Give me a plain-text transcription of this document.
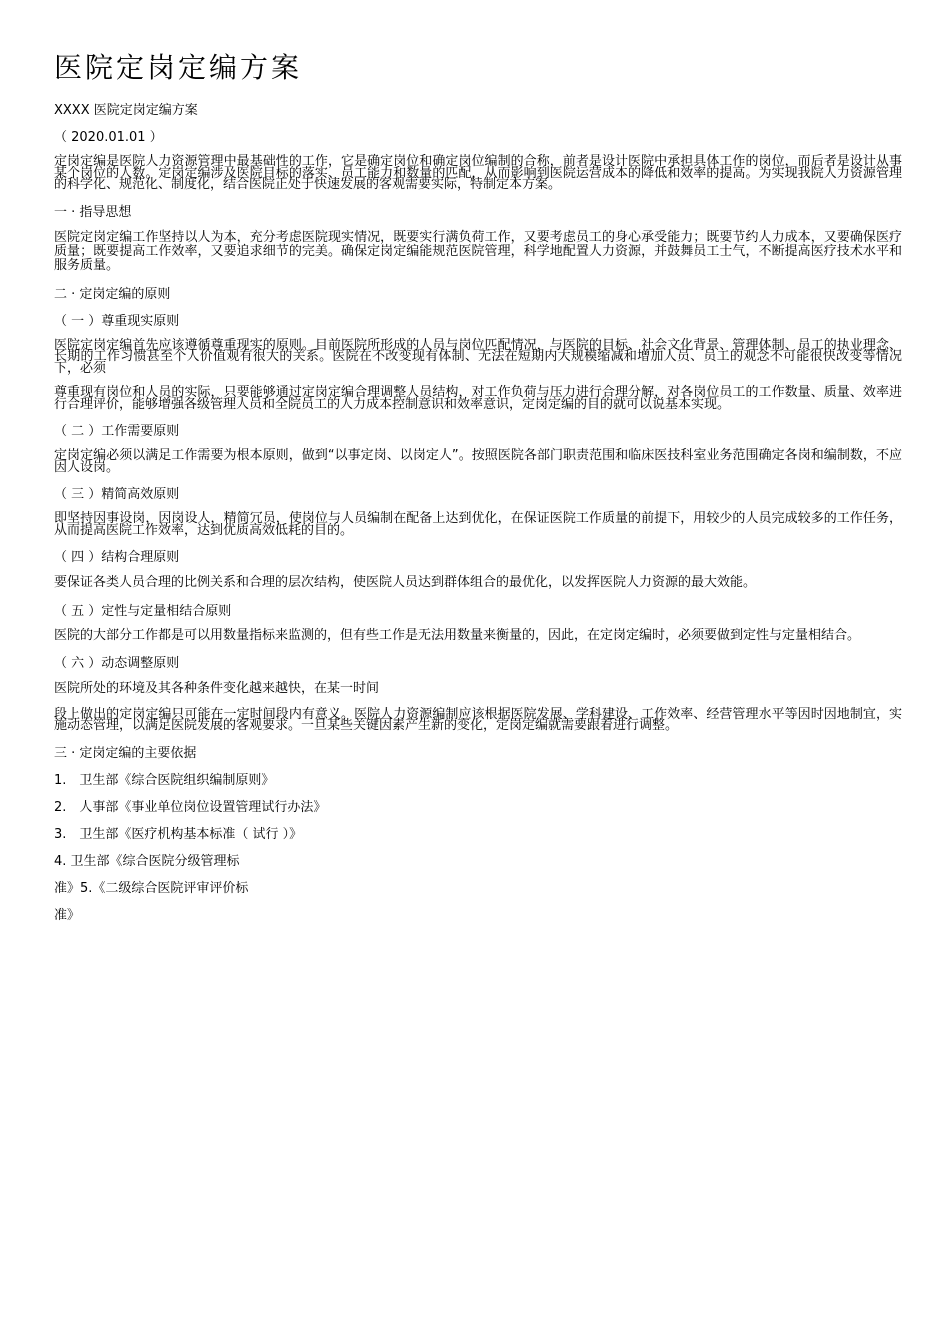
医院定岗定编方案
XXXX 医院定岗定编方案
（ 2020.01.01 ）
定岗定编是医院人力资源管理中最基础性的工作，它是确定岗位和确定岗位编制的合称，前者是设计医院中承担具体工作的岗位，而后者是设计从事某个岗位的人数。定岗定编涉及医院目标的落实、员工能力和数量的匹配，从而影响到医院运营成本的降低和效率的提高。为实现我院人力资源管理的科学化、规范化、制度化，结合医院正处于快速发展的客观需要实际，特制定本方案。
一 · 指导思想
医院定岗定编工作坚持以人为本，充分考虑医院现实情况，既要实行满负荷工作，又要考虑员工的身心承受能力；既要节约人力成本，又要确保医疗质量；既要提高工作效率，又要追求细节的完美。确保定岗定编能规范医院管理，科学地配置人力资源，并鼓舞员工士气，不断提高医疗技术水平和服务质量。
二 · 定岗定编的原则
（ 一 ）尊重现实原则
医院定岗定编首先应该遵循尊重现实的原则。目前医院所形成的人员与岗位匹配情况，与医院的目标、社会文化背景、管理体制、员工的执业理念、长期的工作习惯甚至个人价值观有很大的关系。医院在不改变现有体制、无法在短期内大规模缩减和增加人员、员工的观念不可能很快改变等情况下，必须
尊重现有岗位和人员的实际，只要能够通过定岗定编合理调整人员结构，对工作负荷与压力进行合理分解，对各岗位员工的工作数量、质量、效率进行合理评价，能够增强各级管理人员和全院员工的人力成本控制意识和效率意识，定岗定编的目的就可以说基本实现。
（ 二 ）工作需要原则
定岗定编必须以满足工作需要为根本原则，做到“以事定岗、以岗定人”。按照医院各部门职责范围和临床医技科室业务范围确定各岗和编制数，不应因人设岗。
（ 三 ）精简高效原则
即坚持因事设岗，因岗设人，精简冗员，使岗位与人员编制在配备上达到优化，在保证医院工作质量的前提下，用较少的人员完成较多的工作任务，从而提高医院工作效率，达到优质高效低耗的目的。
（ 四 ）结构合理原则
要保证各类人员合理的比例关系和合理的层次结构，使医院人员达到群体组合的最优化，以发挥医院人力资源的最大效能。
（ 五 ）定性与定量相结合原则
医院的大部分工作都是可以用数量指标来监测的，但有些工作是无法用数量来衡量的，因此，在定岗定编时，必须要做到定性与定量相结合。
（ 六 ）动态调整原则
医院所处的环境及其各种条件变化越来越快，在某一时间
段上做出的定岗定编只可能在一定时间段内有意义。医院人力资源编制应该根据医院发展、学科建设、工作效率、经营管理水平等因时因地制宜，实施动态管理，以满足医院发展的客观要求。一旦某些关键因素产生新的变化，定岗定编就需要跟着进行调整。
三 · 定岗定编的主要依据
1.　卫生部《综合医院组织编制原则》
2.　人事部《事业单位岗位设置管理试行办法》
3.　卫生部《医疗机构基本标准（ 试行 ）》
4. 卫生部《综合医院分级管理标
准》5.《二级综合医院评审评价标
准》
